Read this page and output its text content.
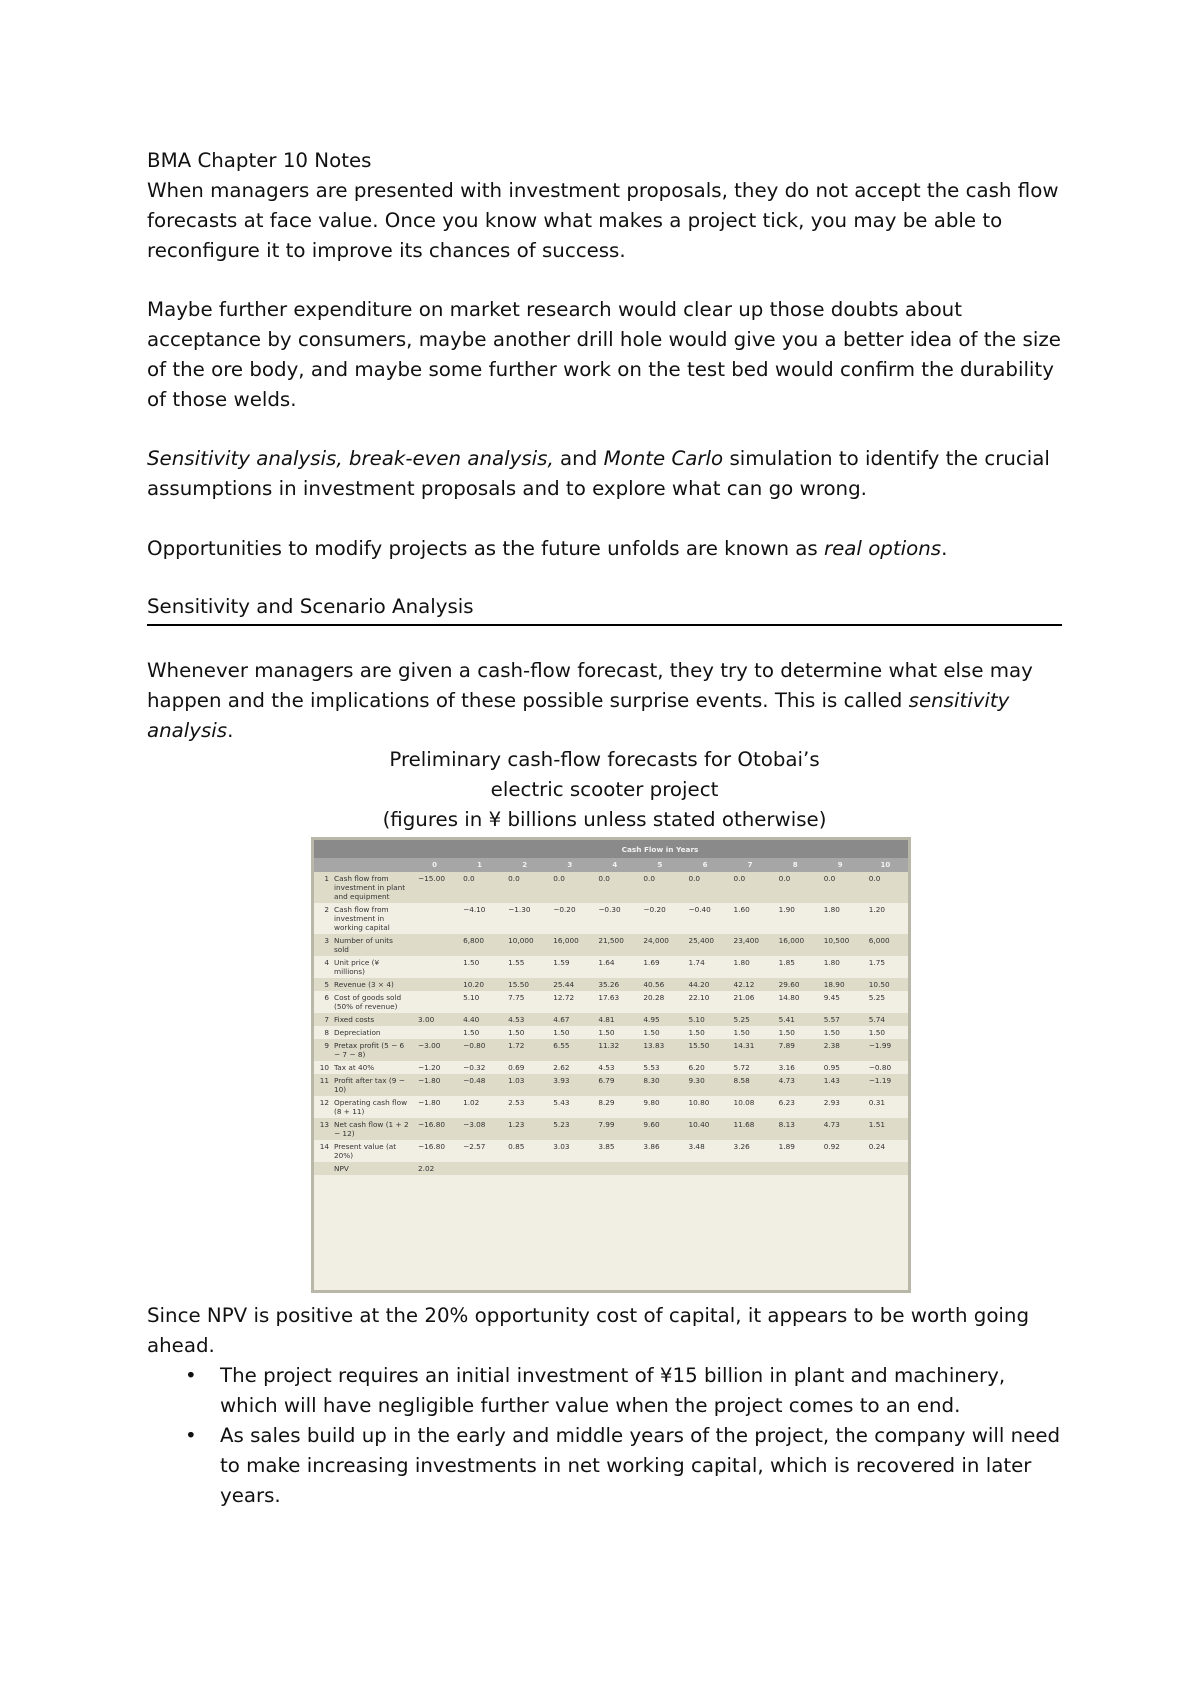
BMA Chapter 10 Notes

When managers are presented with investment proposals, they do not accept the cash flow forecasts at face value. Once you know what makes a project tick, you may be able to reconfigure it to improve its chances of success.

Maybe further expenditure on market research would clear up those doubts about acceptance by consumers, maybe another drill hole would give you a better idea of the size of the ore body, and maybe some further work on the test bed would confirm the durability of those welds.

Sensitivity analysis, break-even analysis, and Monte Carlo simulation to identify the crucial assumptions in investment proposals and to explore what can go wrong.

Opportunities to modify projects as the future unfolds are known as real options.

Sensitivity and Scenario Analysis

Whenever managers are given a cash-flow forecast, they try to determine what else may happen and the implications of these possible surprise events. This is called sensitivity analysis.

Preliminary cash-flow forecasts for Otobai’s
electric scooter project
(figures in ¥ billions unless stated otherwise)
		Cash Flow in Years										
		0	1	2	3	4	5	6	7	8	9	10
1	Cash flow from investment in plant and equipment	−15.00	0.0	0.0	0.0	0.0	0.0	0.0	0.0	0.0	0.0	0.0
2	Cash flow from investment in working capital		−4.10	−1.30	−0.20	−0.30	−0.20	−0.40	1.60	1.90	1.80	1.20
3	Number of units sold		6,800	10,000	16,000	21,500	24,000	25,400	23,400	16,000	10,500	6,000
4	Unit price (¥ millions)		1.50	1.55	1.59	1.64	1.69	1.74	1.80	1.85	1.80	1.75
5	Revenue (3 × 4)		10.20	15.50	25.44	35.26	40.56	44.20	42.12	29.60	18.90	10.50
6	Cost of goods sold (50% of revenue)		5.10	7.75	12.72	17.63	20.28	22.10	21.06	14.80	9.45	5.25
7	Fixed costs	3.00	4.40	4.53	4.67	4.81	4.95	5.10	5.25	5.41	5.57	5.74
8	Depreciation		1.50	1.50	1.50	1.50	1.50	1.50	1.50	1.50	1.50	1.50
9	Pretax profit (5 − 6 − 7 − 8)	−3.00	−0.80	1.72	6.55	11.32	13.83	15.50	14.31	7.89	2.38	−1.99
10	Tax at 40%	−1.20	−0.32	0.69	2.62	4.53	5.53	6.20	5.72	3.16	0.95	−0.80
11	Profit after tax (9 − 10)	−1.80	−0.48	1.03	3.93	6.79	8.30	9.30	8.58	4.73	1.43	−1.19
12	Operating cash flow (8 + 11)	−1.80	1.02	2.53	5.43	8.29	9.80	10.80	10.08	6.23	2.93	0.31
13	Net cash flow (1 + 2 − 12)	−16.80	−3.08	1.23	5.23	7.99	9.60	10.40	11.68	8.13	4.73	1.51
14	Present value (at 20%)	−16.80	−2.57	0.85	3.03	3.85	3.86	3.48	3.26	1.89	0.92	0.24
	NPV	2.02										

Since NPV is positive at the 20% opportunity cost of capital, it appears to be worth going ahead.

• The project requires an initial investment of ¥15 billion in plant and machinery, which will have negligible further value when the project comes to an end.
• As sales build up in the early and middle years of the project, the company will need to make increasing investments in net working capital, which is recovered in later years.
